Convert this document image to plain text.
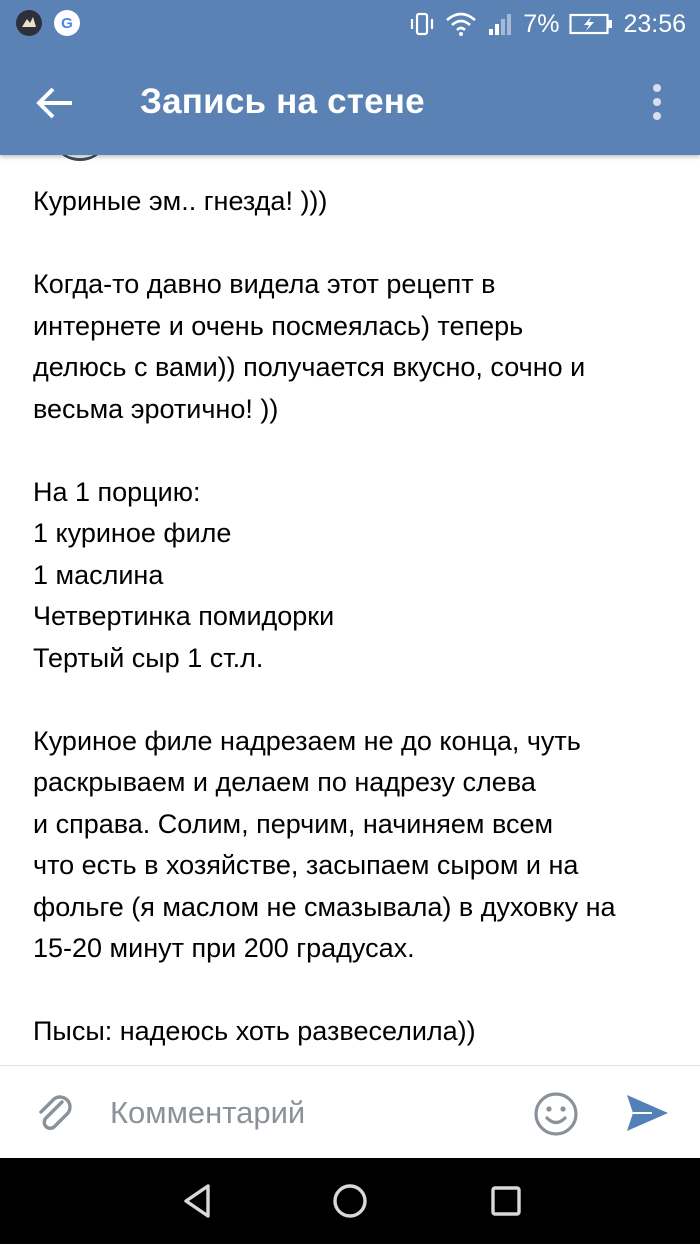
G	7%	23:56
Запись на стене
Куриные эм.. гнезда! )))
Когда-то давно видела этот рецепт в
интернете и очень посмеялась) теперь
делюсь с вами)) получается вкусно, сочно и
весьма эротично! ))
На 1 порцию:
1 куриное филе
1 маслина
Четвертинка помидорки
Тертый сыр 1 ст.л.
Куриное филе надрезаем не до конца, чуть
раскрываем и делаем по надрезу слева
и справа. Солим, перчим, начиняем всем
что есть в хозяйстве, засыпаем сыром и на
фольге (я маслом не смазывала) в духовку на
15-20 минут при 200 градусах.
Пысы: надеюсь хоть развеселила))
Комментарий
